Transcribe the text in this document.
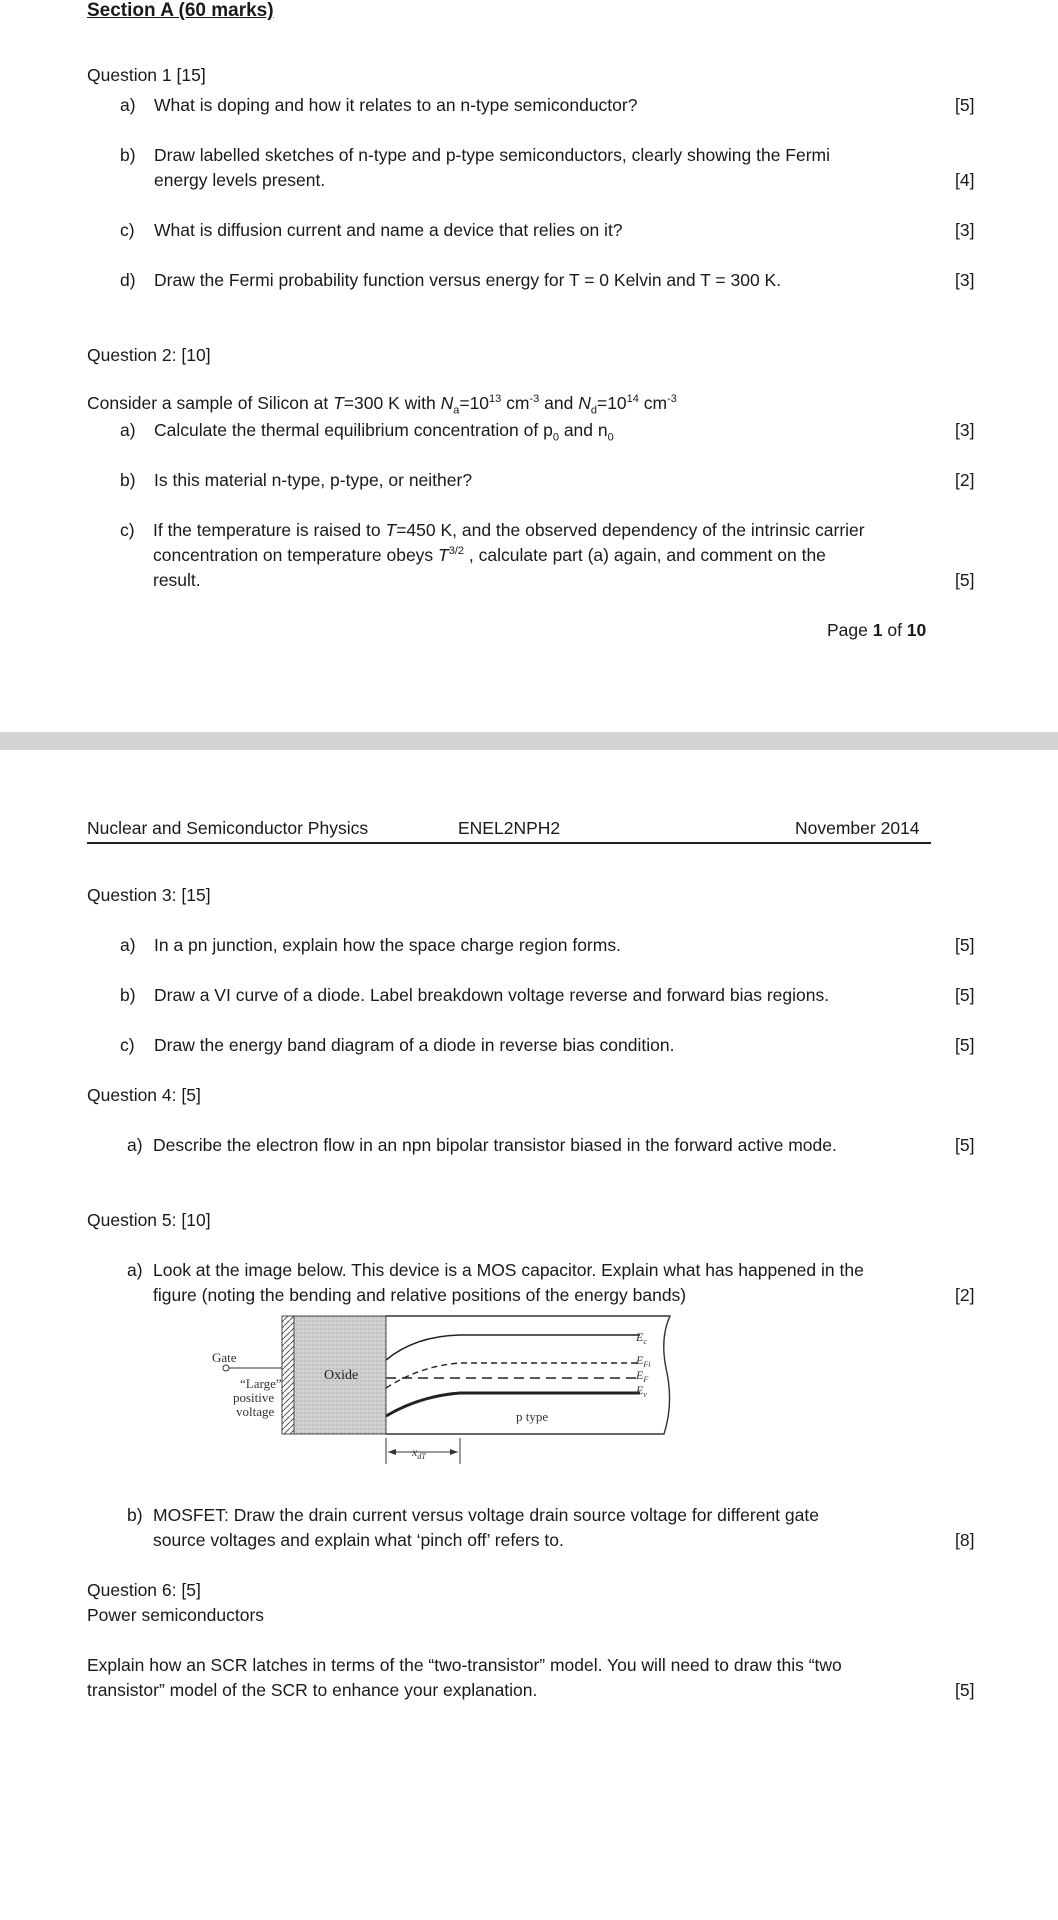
Section A (60 marks)
Question 1 [15]
a) What is doping and how it relates to an n-type semiconductor?	[5]
b) Draw labelled sketches of n-type and p-type semiconductors, clearly showing the Fermi
energy levels present.	[4]
c) What is diffusion current and name a device that relies on it?	[3]
d) Draw the Fermi probability function versus energy for T = 0 Kelvin and T = 300 K.	[3]
Question 2: [10]
Consider a sample of Silicon at T=300 K with $N_a=10^{13}$ $cm^{-3}$ and $N_d=10^{14}$ $cm^{-3}$
a) Calculate the thermal equilibrium concentration of $p_0$ and $n_0$	[3]
b) Is this material n-type, p-type, or neither?	[2]
c) If the temperature is raised to T=450 K, and the observed dependency of the intrinsic carrier
concentration on temperature obeys $T^{3/2}$ , calculate part (a) again, and comment on the
result.	[5]
Page 1 of 10
Nuclear and Semiconductor Physics	ENEL2NPH2	November 2014
Question 3: [15]
a) In a pn junction, explain how the space charge region forms.	[5]
b) Draw a VI curve of a diode. Label breakdown voltage reverse and forward bias regions.	[5]
c) Draw the energy band diagram of a diode in reverse bias condition.	[5]
Question 4: [5]
a) Describe the electron flow in an npn bipolar transistor biased in the forward active mode.	[5]
Question 5: [10]
a) Look at the image below. This device is a MOS capacitor. Explain what has happened in the
figure (noting the bending and relative positions of the energy bands)	[2]
Gate
“Large”
positive
voltage
Oxide
p type
$E_c$
$E_{Fi}$
$E_F$
$E_v$
$x_{dT}$
b) MOSFET: Draw the drain current versus voltage drain source voltage for different gate
source voltages and explain what ‘pinch off’ refers to.	[8]
Question 6: [5]
Power semiconductors
Explain how an SCR latches in terms of the “two-transistor” model. You will need to draw this “two
transistor” model of the SCR to enhance your explanation.	[5]
